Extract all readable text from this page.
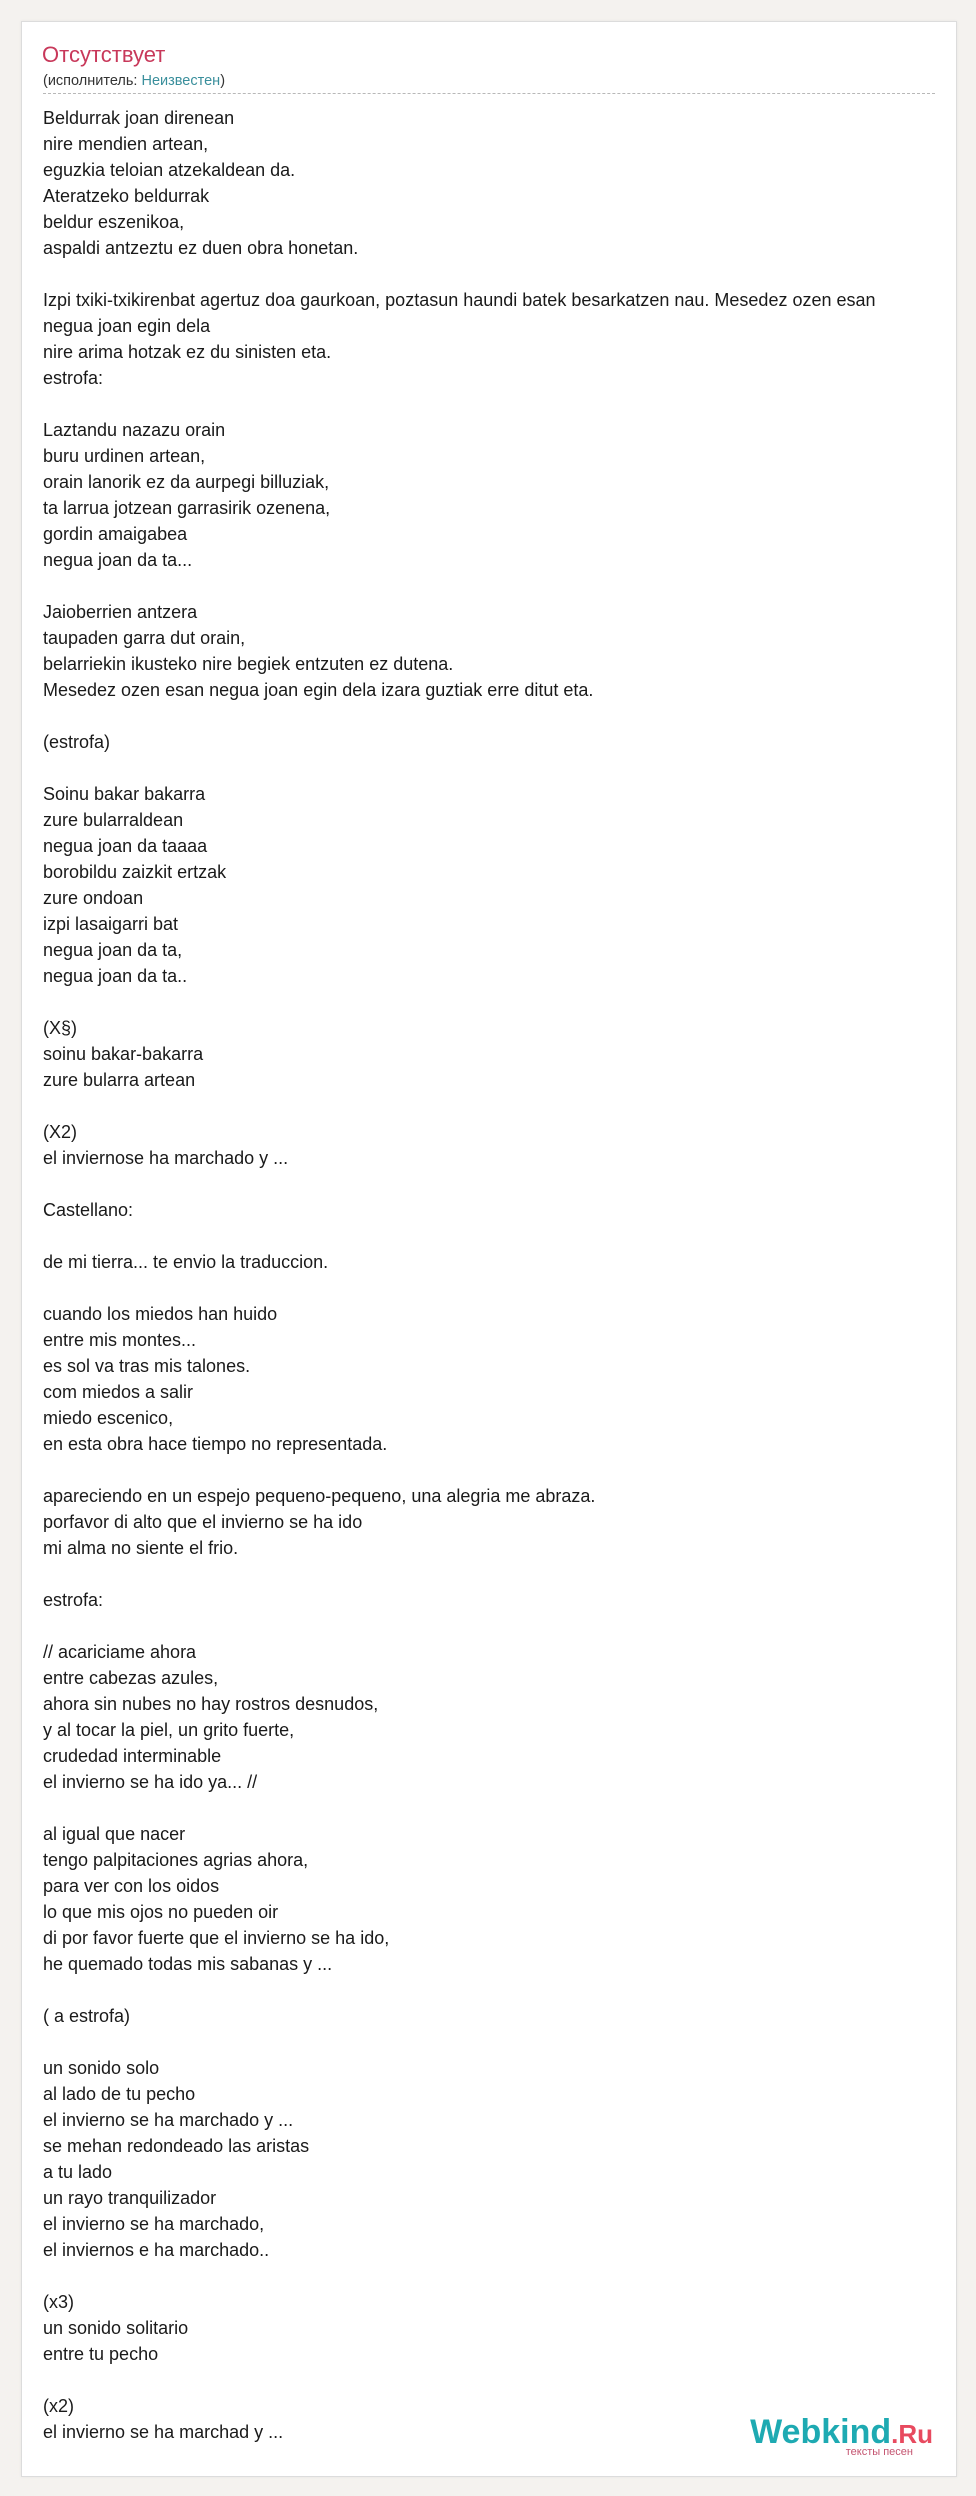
Отсутствует
(исполнитель: Неизвестен)
Beldurrak joan direnean
nire mendien artean,
eguzkia teloian atzekaldean da.
Ateratzeko beldurrak
beldur eszenikoa,
aspaldi antzeztu ez duen obra honetan.

Izpi txiki-txikirenbat agertuz doa gaurkoan, poztasun haundi batek besarkatzen nau. Mesedez ozen esan
negua joan egin dela
nire arima hotzak ez du sinisten eta.
estrofa:

Laztandu nazazu orain
buru urdinen artean,
orain lanorik ez da aurpegi billuziak,
ta larrua jotzean garrasirik ozenena,
gordin amaigabea
negua joan da ta...

Jaioberrien antzera
taupaden garra dut orain,
belarriekin ikusteko nire begiek entzuten ez dutena.
Mesedez ozen esan negua joan egin dela izara guztiak erre ditut eta.

(estrofa)

Soinu bakar bakarra
zure bularraldean
negua joan da taaaa
borobildu zaizkit ertzak
zure ondoan
izpi lasaigarri bat
negua joan da ta,
negua joan da ta..

(X§)
soinu bakar-bakarra
zure bularra artean

(X2)
el inviernose ha marchado y ...

Castellano:

de mi tierra... te envio la traduccion.

cuando los miedos han huido
entre mis montes...
es sol va tras mis talones.
com miedos a salir
miedo escenico,
en esta obra hace tiempo no representada.

apareciendo en un espejo pequeno-pequeno, una alegria me abraza.
porfavor di alto que el invierno se ha ido
mi alma no siente el frio.

estrofa:

// acariciame ahora
entre cabezas azules,
ahora sin nubes no hay rostros desnudos,
y al tocar la piel, un grito fuerte,
crudedad interminable
el invierno se ha ido ya... //

al igual que nacer
tengo palpitaciones agrias ahora,
para ver con los oidos
lo que mis ojos no pueden oir
di por favor fuerte que el invierno se ha ido,
he quemado todas mis sabanas y ...

( a estrofa)

un sonido solo
al lado de tu pecho
el invierno se ha marchado y ...
se mehan redondeado las aristas
a tu lado
un rayo tranquilizador
el invierno se ha marchado,
el inviernos e ha marchado..

(x3)
un sonido solitario
entre tu pecho

(x2)
el invierno se ha marchad y ...	Webkind.Ru
тексты песен
